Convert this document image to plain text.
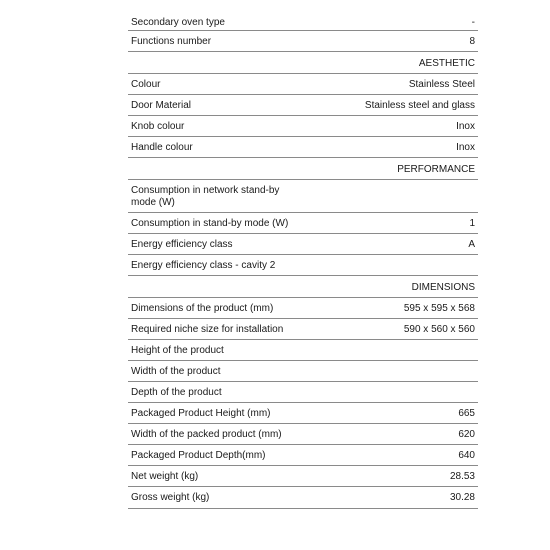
Secondary oven type	-
Functions number	8
AESTHETIC
Colour	Stainless Steel
Door Material	Stainless steel and glass
Knob colour	Inox
Handle colour	Inox
PERFORMANCE
Consumption in network stand-by mode (W)
Consumption in stand-by mode (W)	1
Energy efficiency class	A
Energy efficiency class - cavity 2
DIMENSIONS
Dimensions of the product (mm)	595 x 595 x 568
Required niche size for installation	590 x 560 x 560
Height of the product
Width of the product
Depth of the product
Packaged Product Height (mm)	665
Width of the packed product (mm)	620
Packaged Product Depth(mm)	640
Net weight (kg)	28.53
Gross weight (kg)	30.28
